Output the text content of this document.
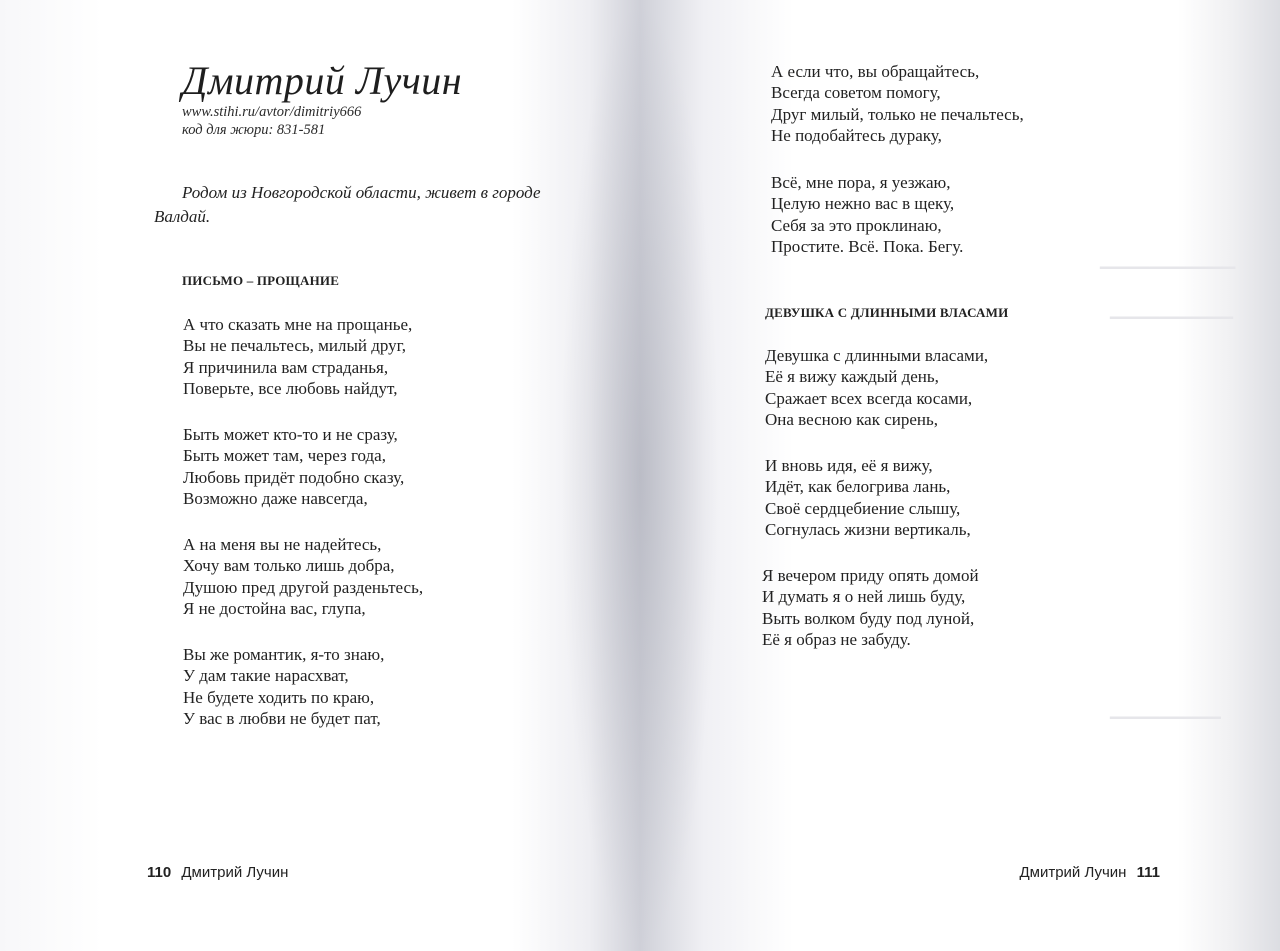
▁▁▁▁▁▁▁▁▁▁▁
▁▁▁▁▁▁▁▁▁▁
▁▁▁▁▁▁▁▁▁
Дмитрий Лучин
www.stihi.ru/avtor/dimitriy666
код для жюри: 831-581

Родом из Новгородской области, живет в городе
Валдай.

ПИСЬМО – ПРОЩАНИЕ
А что сказать мне на прощанье,
Вы не печальтесь, милый друг,
Я причинила вам страданья,
Поверьте, все любовь найдут,
Быть может кто-то и не сразу,
Быть может там, через года,
Любовь придёт подобно сказу,
Возможно даже навсегда,
А на меня вы не надейтесь,
Хочу вам только лишь добра,
Душою пред другой разденьтесь,
Я не достойна вас, глупа,
Вы же романтик, я-то знаю,
У дам такие нарасхват,
Не будете ходить по краю,
У вас в любви не будет пат,
110 Дмитрий Лучин
А если что, вы обращайтесь,
Всегда советом помогу,
Друг милый, только не печальтесь,
Не подобайтесь дураку,
Всё, мне пора, я уезжаю,
Целую нежно вас в щеку,
Себя за это проклинаю,
Простите. Всё. Пока. Бегу.
ДЕВУШКА С ДЛИННЫМИ ВЛАСАМИ
Девушка с длинными власами,
Её я вижу каждый день,
Сражает всех всегда косами,
Она весною как сирень,
И вновь идя, её я вижу,
Идёт, как белогрива лань,
Своё сердцебиение слышу,
Согнулась жизни вертикаль,
Я вечером приду опять домой
И думать я о ней лишь буду,
Выть волком буду под луной,
Её я образ не забуду.
Дмитрий Лучин 111
